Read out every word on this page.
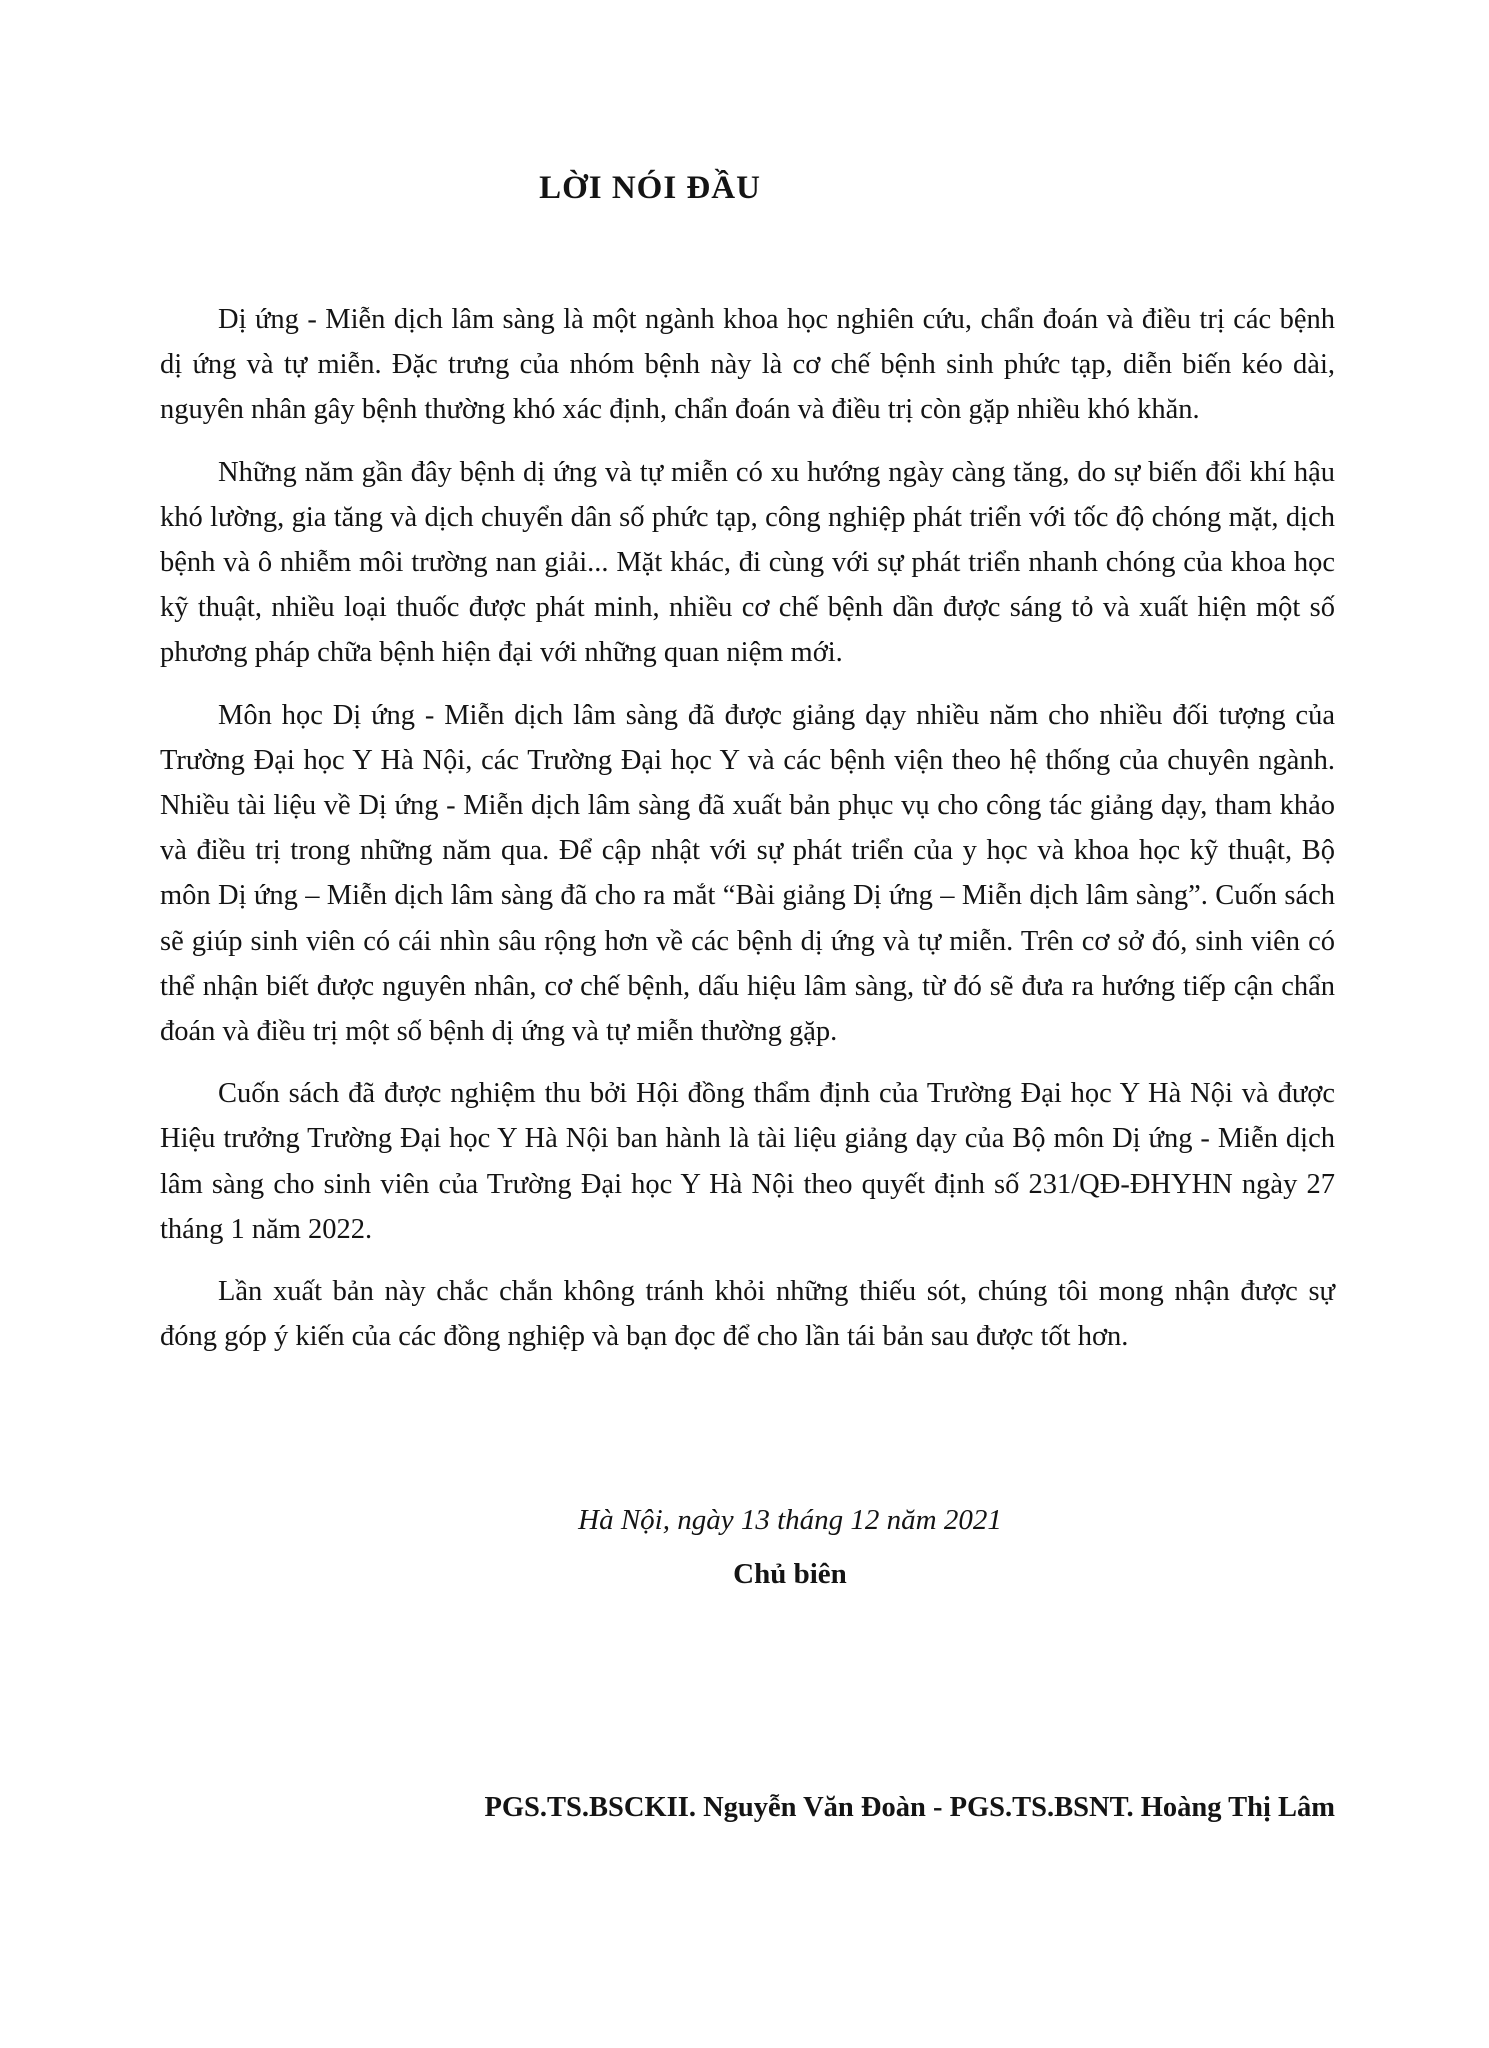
LỜI NÓI ĐẦU

Dị ứng - Miễn dịch lâm sàng là một ngành khoa học nghiên cứu, chẩn đoán và điều trị các bệnh dị ứng và tự miễn. Đặc trưng của nhóm bệnh này là cơ chế bệnh sinh phức tạp, diễn biến kéo dài, nguyên nhân gây bệnh thường khó xác định, chẩn đoán và điều trị còn gặp nhiều khó khăn.

Những năm gần đây bệnh dị ứng và tự miễn có xu hướng ngày càng tăng, do sự biến đổi khí hậu khó lường, gia tăng và dịch chuyển dân số phức tạp, công nghiệp phát triển với tốc độ chóng mặt, dịch bệnh và ô nhiễm môi trường nan giải... Mặt khác, đi cùng với sự phát triển nhanh chóng của khoa học kỹ thuật, nhiều loại thuốc được phát minh, nhiều cơ chế bệnh dần được sáng tỏ và xuất hiện một số phương pháp chữa bệnh hiện đại với những quan niệm mới.

Môn học Dị ứng - Miễn dịch lâm sàng đã được giảng dạy nhiều năm cho nhiều đối tượng của Trường Đại học Y Hà Nội, các Trường Đại học Y và các bệnh viện theo hệ thống của chuyên ngành. Nhiều tài liệu về Dị ứng - Miễn dịch lâm sàng đã xuất bản phục vụ cho công tác giảng dạy, tham khảo và điều trị trong những năm qua. Để cập nhật với sự phát triển của y học và khoa học kỹ thuật, Bộ môn Dị ứng – Miễn dịch lâm sàng đã cho ra mắt “Bài giảng Dị ứng – Miễn dịch lâm sàng”. Cuốn sách sẽ giúp sinh viên có cái nhìn sâu rộng hơn về các bệnh dị ứng và tự miễn. Trên cơ sở đó, sinh viên có thể nhận biết được nguyên nhân, cơ chế bệnh, dấu hiệu lâm sàng, từ đó sẽ đưa ra hướng tiếp cận chẩn đoán và điều trị một số bệnh dị ứng và tự miễn thường gặp.

Cuốn sách đã được nghiệm thu bởi Hội đồng thẩm định của Trường Đại học Y Hà Nội và được Hiệu trưởng Trường Đại học Y Hà Nội ban hành là tài liệu giảng dạy của Bộ môn Dị ứng - Miễn dịch lâm sàng cho sinh viên của Trường Đại học Y Hà Nội theo quyết định số 231/QĐ-ĐHYHN ngày 27 tháng 1 năm 2022.

Lần xuất bản này chắc chắn không tránh khỏi những thiếu sót, chúng tôi mong nhận được sự đóng góp ý kiến của các đồng nghiệp và bạn đọc để cho lần tái bản sau được tốt hơn.

Hà Nội, ngày 13 tháng 12 năm 2021

Chủ biên

PGS.TS.BSCKII. Nguyễn Văn Đoàn - PGS.TS.BSNT. Hoàng Thị Lâm
